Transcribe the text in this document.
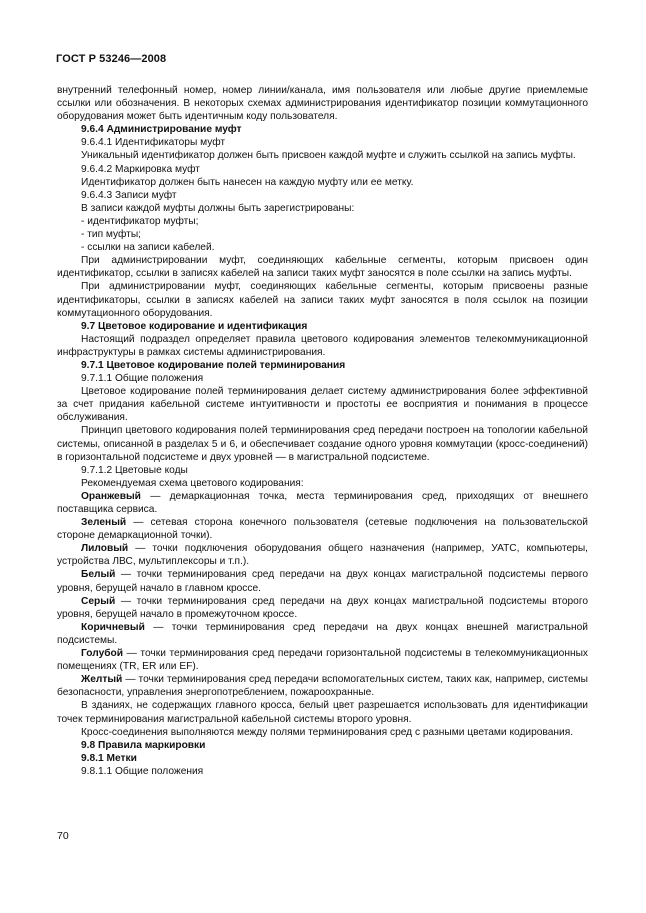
ГОСТ Р 53246—2008

внутренний телефонный номер, номер линии/канала, имя пользователя или любые другие приемлемые ссылки или обозначения. В некоторых схемах администрирования идентификатор позиции коммутационного оборудования может быть идентичным коду пользователя.

9.6.4 Администрирование муфт

9.6.4.1 Идентификаторы муфт

Уникальный идентификатор должен быть присвоен каждой муфте и служить ссылкой на запись муфты.

9.6.4.2 Маркировка муфт

Идентификатор должен быть нанесен на каждую муфту или ее метку.

9.6.4.3 Записи муфт

В записи каждой муфты должны быть зарегистрированы:

- идентификатор муфты;

- тип муфты;

- ссылки на записи кабелей.

При администрировании муфт, соединяющих кабельные сегменты, которым присвоен один идентификатор, ссылки в записях кабелей на записи таких муфт заносятся в поле ссылки на запись муфты.

При администрировании муфт, соединяющих кабельные сегменты, которым присвоены разные идентификаторы, ссылки в записях кабелей на записи таких муфт заносятся в поля ссылок на позиции коммутационного оборудования.

9.7 Цветовое кодирование и идентификация

Настоящий подраздел определяет правила цветового кодирования элементов телекоммуникационной инфраструктуры в рамках системы администрирования.

9.7.1 Цветовое кодирование полей терминирования

9.7.1.1 Общие положения

Цветовое кодирование полей терминирования делает систему администрирования более эффективной за счет придания кабельной системе интуитивности и простоты ее восприятия и понимания в процессе обслуживания.

Принцип цветового кодирования полей терминирования сред передачи построен на топологии кабельной системы, описанной в разделах 5 и 6, и обеспечивает создание одного уровня коммутации (кросс-соединений) в горизонтальной подсистеме и двух уровней — в магистральной подсистеме.

9.7.1.2 Цветовые коды

Рекомендуемая схема цветового кодирования:

Оранжевый — демаркационная точка, места терминирования сред, приходящих от внешнего поставщика сервиса.

Зеленый — сетевая сторона конечного пользователя (сетевые подключения на пользовательской стороне демаркационной точки).

Лиловый — точки подключения оборудования общего назначения (например, УАТС, компьютеры, устройства ЛВС, мультиплексоры и т.п.).

Белый — точки терминирования сред передачи на двух концах магистральной подсистемы первого уровня, берущей начало в главном кроссе.

Серый — точки терминирования сред передачи на двух концах магистральной подсистемы второго уровня, берущей начало в промежуточном кроссе.

Коричневый — точки терминирования сред передачи на двух концах внешней магистральной подсистемы.

Голубой — точки терминирования сред передачи горизонтальной подсистемы в телекоммуникационных помещениях (TR, ER или EF).

Желтый — точки терминирования сред передачи вспомогательных систем, таких как, например, системы безопасности, управления энергопотреблением, пожароохранные.

В зданиях, не содержащих главного кросса, белый цвет разрешается использовать для идентификации точек терминирования магистральной кабельной системы второго уровня.

Кросс-соединения выполняются между полями терминирования сред с разными цветами кодирования.

9.8 Правила маркировки

9.8.1 Метки

9.8.1.1 Общие положения

70
